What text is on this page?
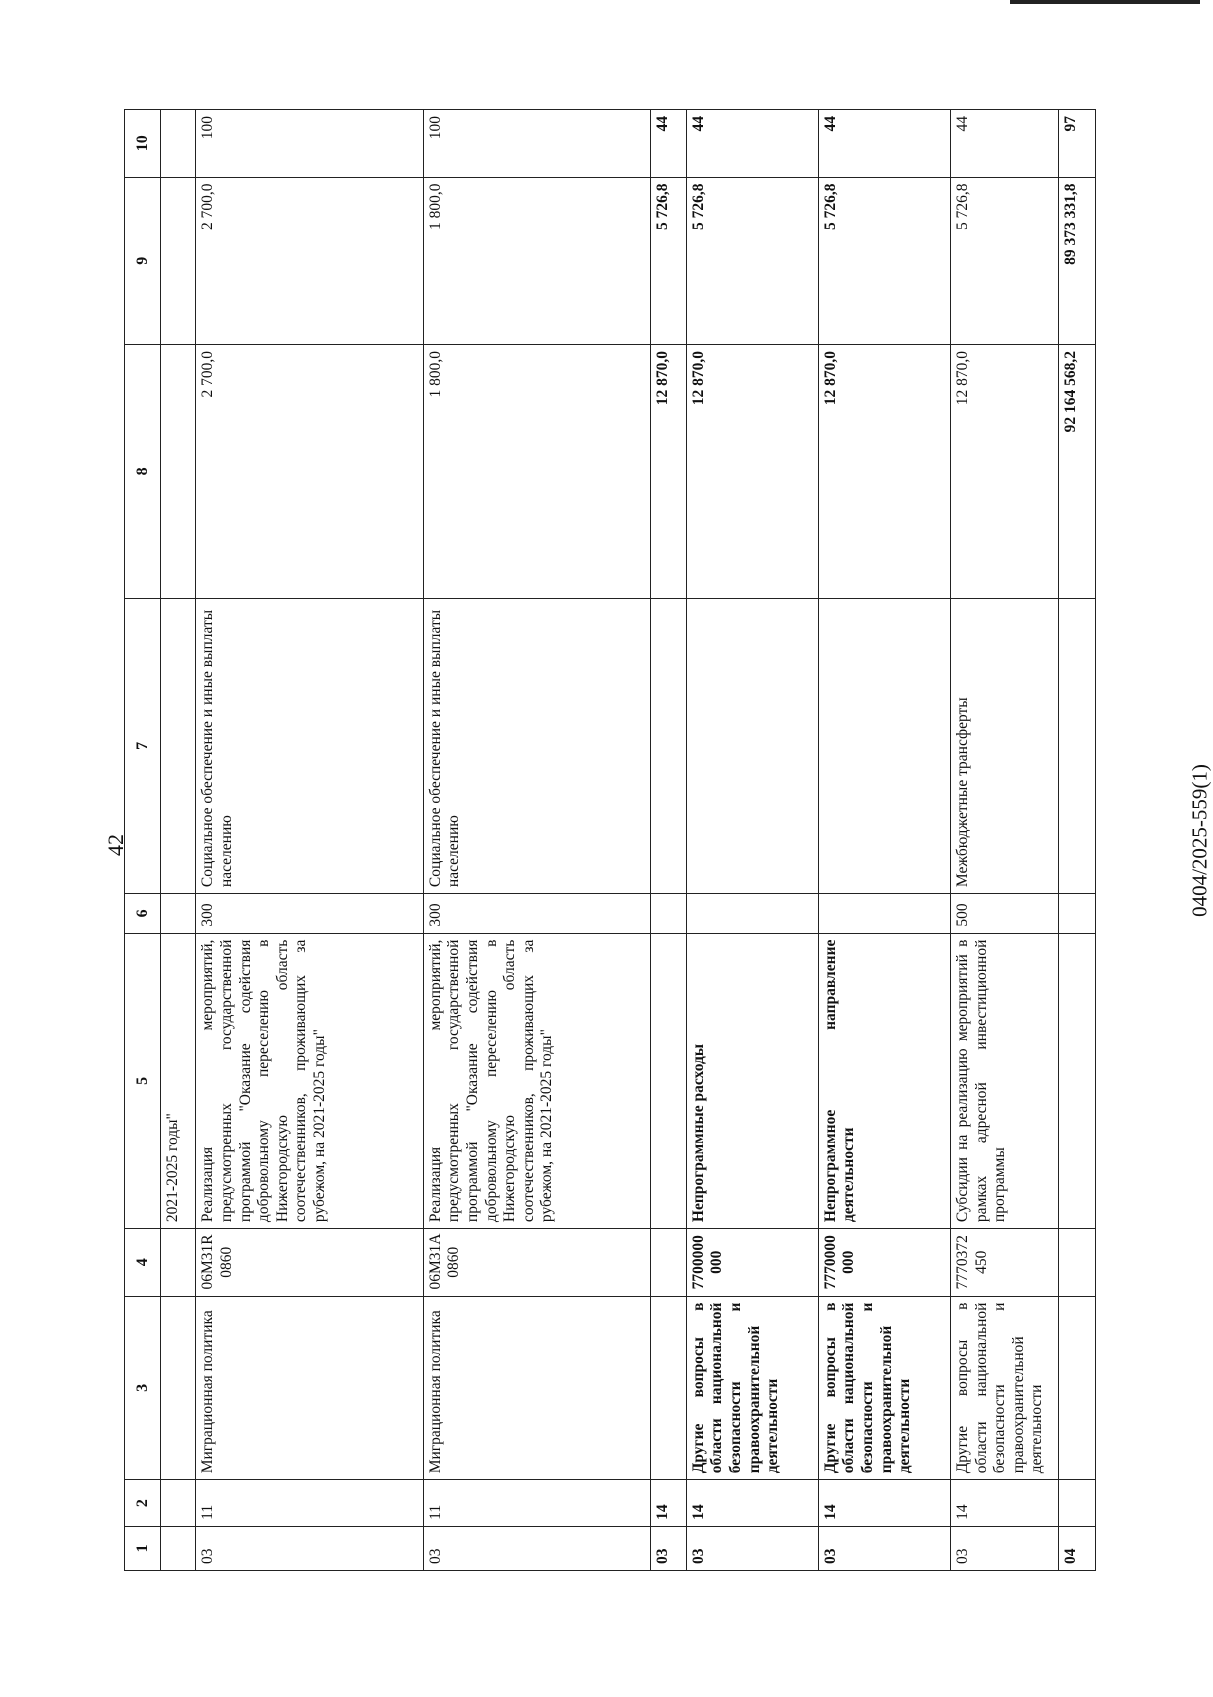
42	0404/2025-559(1)
1	2	3	4	5	6	7	8	9	10
				2021-2025 годы"					
03	11	Миграционная политика	06М31R 0860	Реализация мероприятий, предусмотренных государственной программой "Оказание содействия добровольному переселению в Нижегородскую область соотечественников, проживающих за рубежом, на 2021-2025 годы"	300	Социальное обеспечение и иные выплаты населению	2 700,0	2 700,0	100
03	11	Миграционная политика	06М31А 0860	Реализация мероприятий, предусмотренных государственной программой "Оказание содействия добровольному переселению в Нижегородскую область соотечественников, проживающих за рубежом, на 2021-2025 годы"	300	Социальное обеспечение и иные выплаты населению	1 800,0	1 800,0	100
03	14						12 870,0	5 726,8	44
03	14	Другие вопросы в области национальной безопасности и правоохранительной деятельности	7700000 000	Непрограммные расходы			12 870,0	5 726,8	44
03	14	Другие вопросы в области национальной безопасности и правоохранительной деятельности	7770000 000	Непрограммное направление деятельности			12 870,0	5 726,8	44
03	14	Другие вопросы в области национальной безопасности и правоохранительной деятельности	7770372 450	Субсидии на реализацию мероприятий в рамках адресной инвестиционной программы	500	Межбюджетные трансферты	12 870,0	5 726,8	44
04							92 164 568,2	89 373 331,8	97
